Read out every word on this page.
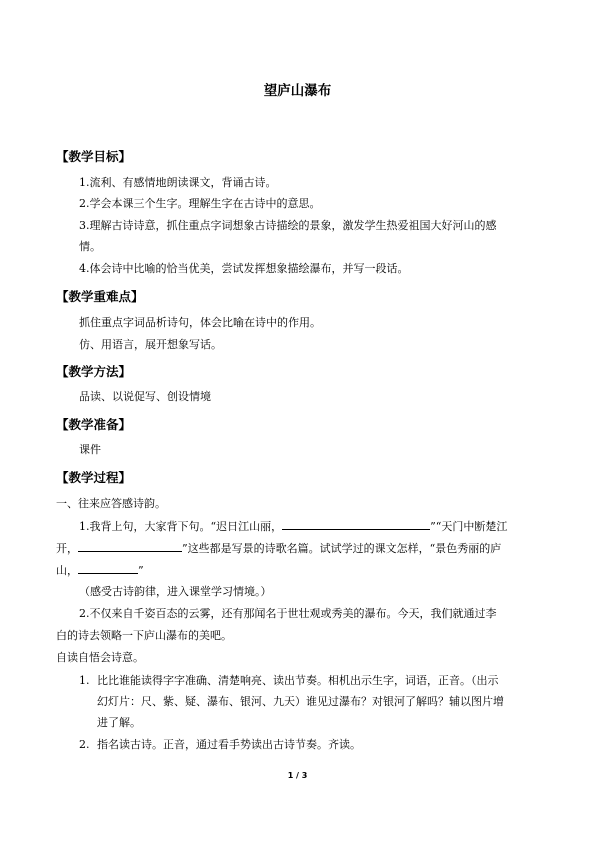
望庐山瀑布
【教学目标】
1.流利、有感情地朗读课文，背诵古诗。
2.学会本课三个生字。理解生字在古诗中的意思。
3.理解古诗诗意，抓住重点字词想象古诗描绘的景象，激发学生热爱祖国大好河山的感
情。
4.体会诗中比喻的恰当优美，尝试发挥想象描绘瀑布，并写一段话。
【教学重难点】
抓住重点字词品析诗句，体会比喻在诗中的作用。
仿、用语言，展开想象写话。
【教学方法】
品读、以说促写、创设情境
【教学准备】
课件
【教学过程】
一、往来应答感诗韵。
1.我背上句，大家背下句。“迟日江山丽，	”“天门中断楚江
开，	”这些都是写景的诗歌名篇。试试学过的课文怎样，“景色秀丽的庐
山，	”
（感受古诗韵律，进入课堂学习情境。）
2.不仅来自千姿百态的云雾，还有那闻名于世壮观或秀美的瀑布。今天，我们就通过李
白的诗去领略一下庐山瀑布的美吧。
自读自悟会诗意。
1. 比比谁能读得字字准确、清楚响亮、读出节奏。相机出示生字，词语，正音。（出示
幻灯片：尺、紫、疑、瀑布、银河、九天）谁见过瀑布？对银河了解吗？辅以图片增
进了解。
2. 指名读古诗。正音，通过看手势读出古诗节奏。齐读。
1 / 3
